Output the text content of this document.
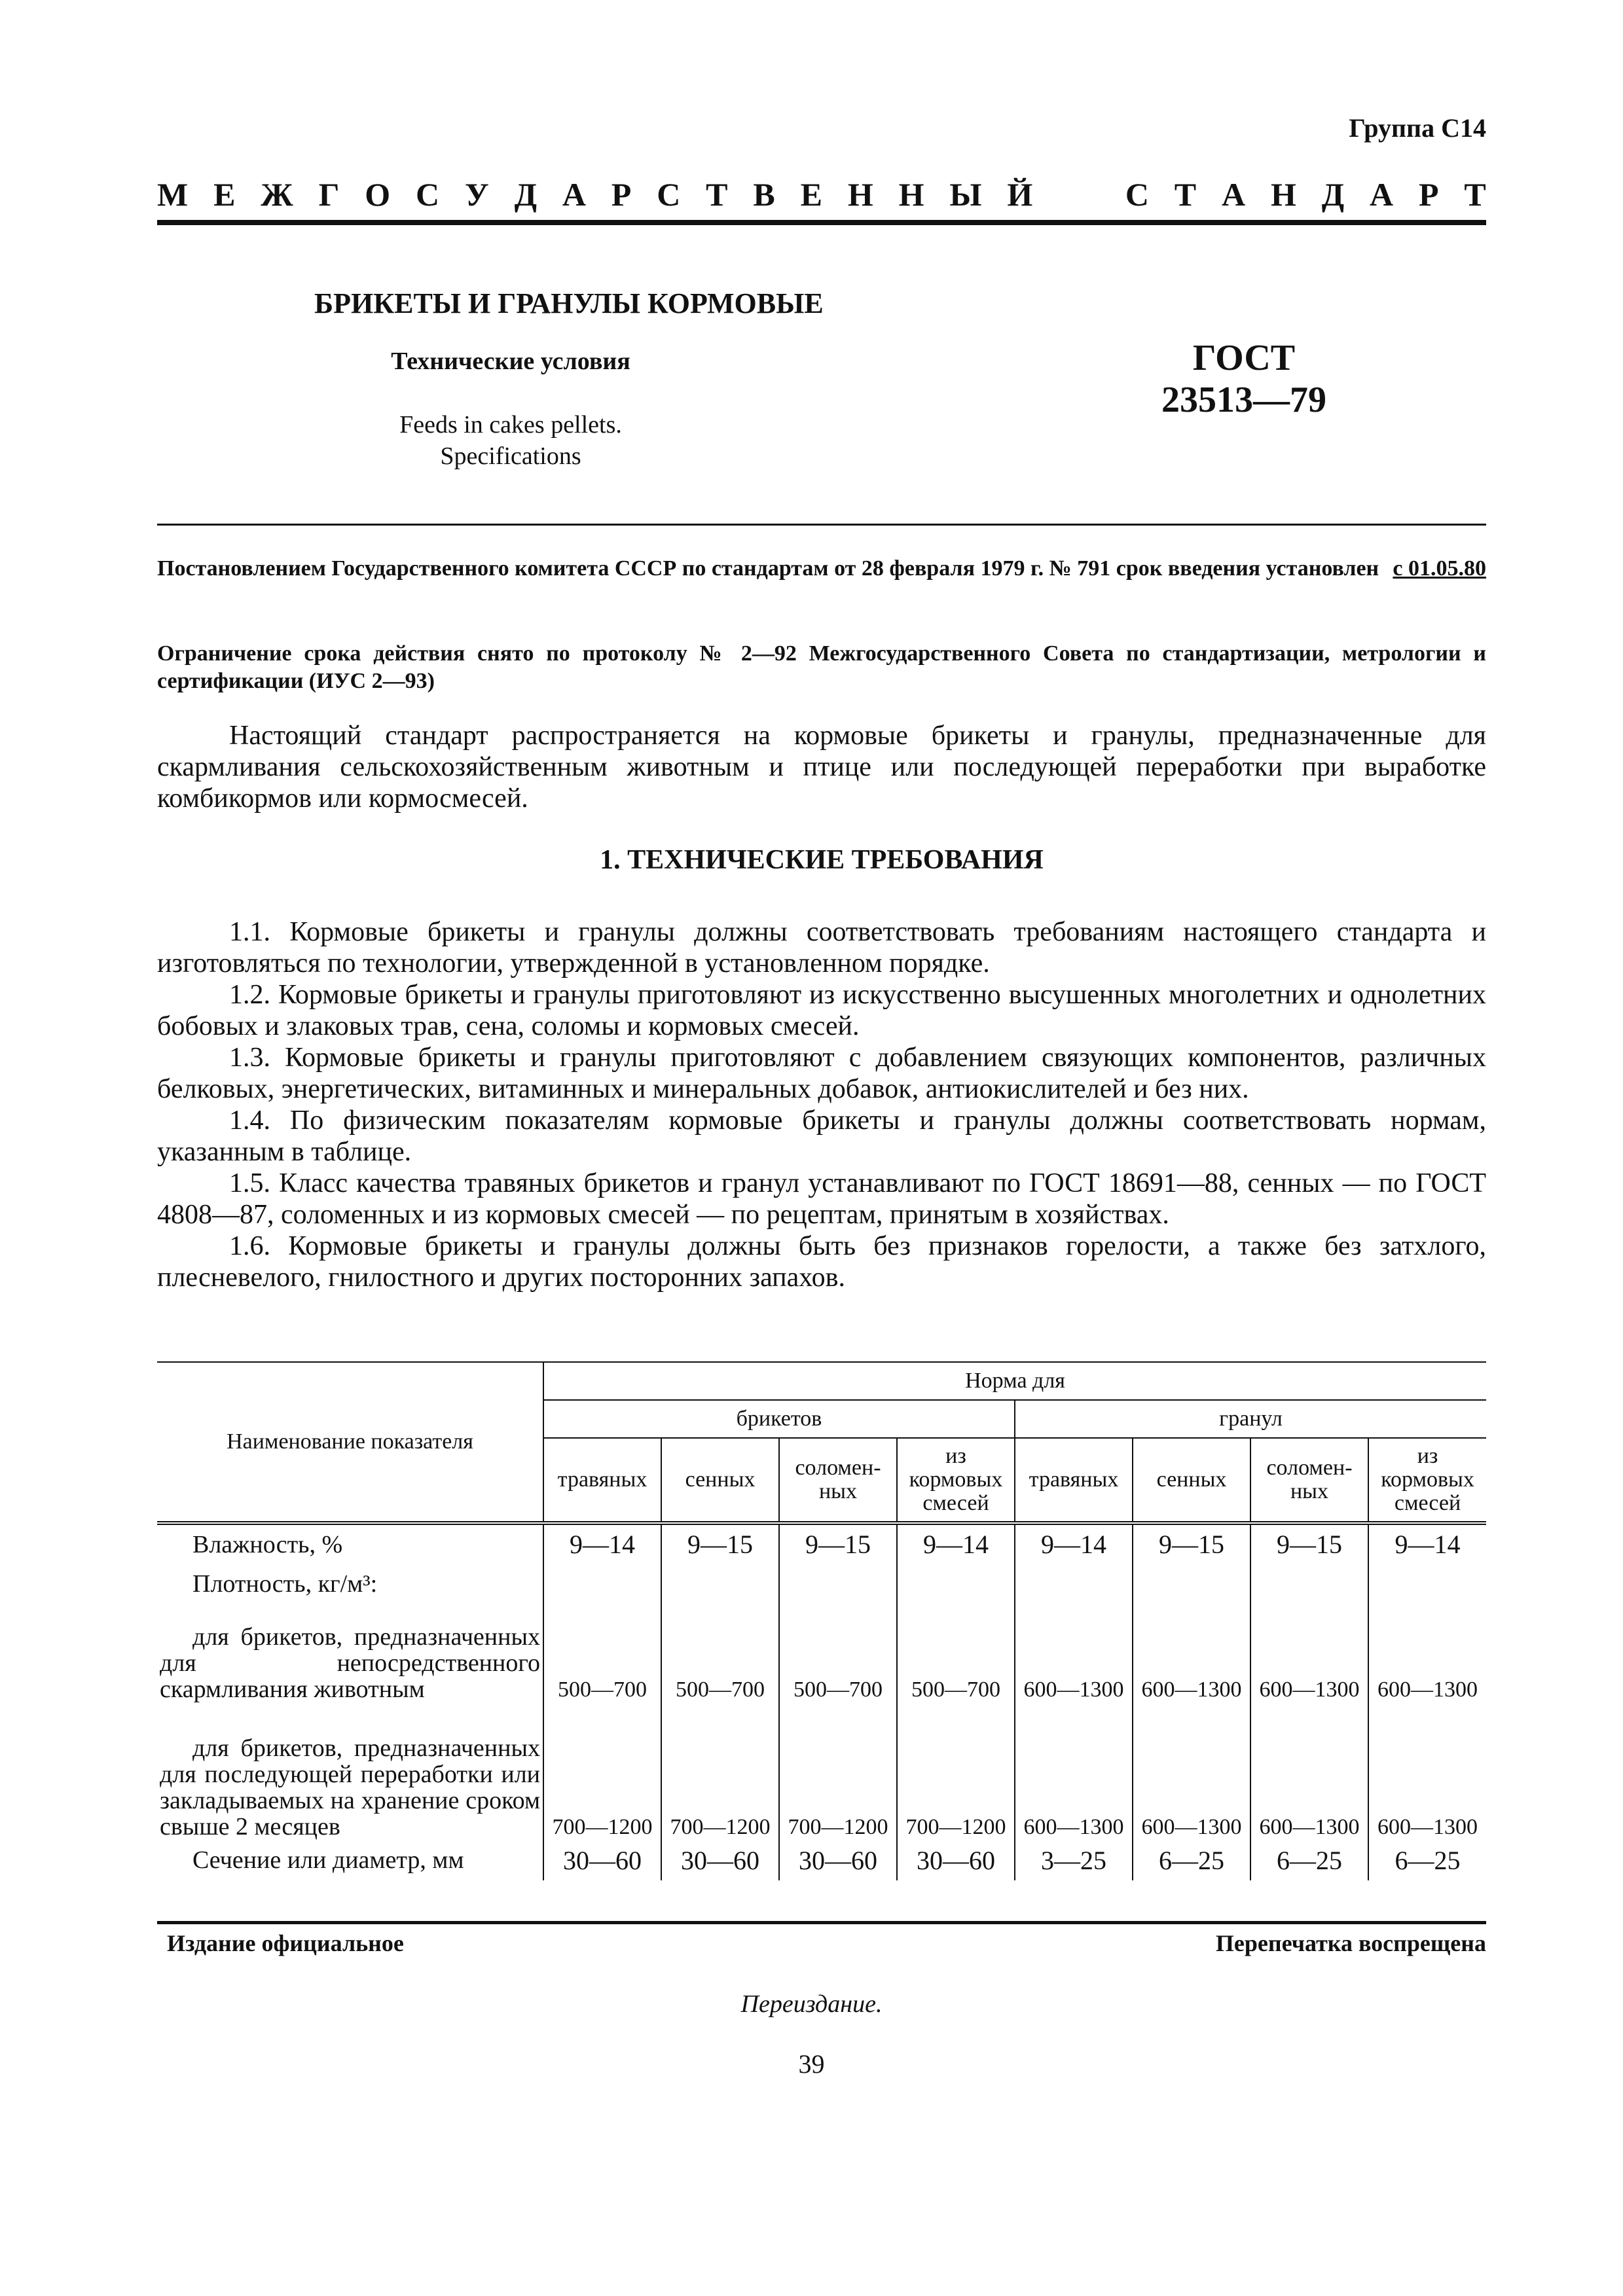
Группа С14
М Е Ж Г О С У Д А Р С Т В Е Н Н Ы Й

	С Т А Н Д А Р Т
БРИКЕТЫ И ГРАНУЛЫ КОРМОВЫЕ
Технические условия
Feeds in cakes pellets.
Specifications
ГОСТ
23513—79
Постановлением Государственного комитета СССР по стандартам от 28 февраля 1979 г. № 791 срок введения установлен с 01.05.80
Ограничение срока действия снято по протоколу № 2—92 Межгосударственного Совета по стандартизации, метрологии и сертификации (ИУС 2—93)

Настоящий стандарт распространяется на кормовые брикеты и гранулы, предназначенные для скармливания сельскохозяйственным животным и птице или последующей переработки при выработке комбикормов или кормосмесей.

1. ТЕХНИЧЕСКИЕ ТРЕБОВАНИЯ

1.1. Кормовые брикеты и гранулы должны соответствовать требованиям настоящего стандарта и изготовляться по технологии, утвержденной в установленном порядке.

1.2. Кормовые брикеты и гранулы приготовляют из искусственно высушенных многолетних и однолетних бобовых и злаковых трав, сена, соломы и кормовых смесей.

1.3. Кормовые брикеты и гранулы приготовляют с добавлением связующих компонентов, различных белковых, энергетических, витаминных и минеральных добавок, антиокислителей и без них.

1.4. По физическим показателям кормовые брикеты и гранулы должны соответствовать нормам, указанным в таблице.

1.5. Класс качества травяных брикетов и гранул устанавливают по ГОСТ 18691—88, сенных — по ГОСТ 4808—87, соломенных и из кормовых смесей — по рецептам, принятым в хозяйствах.

1.6. Кормовые брикеты и гранулы должны быть без признаков горелости, а также без затхлого, плесневелого, гнилостного и других посторонних запахов.

Наименование показателя	Норма для							
	брикетов				гранул			
	травяных	сенных	соломен-ных	из кормовых смесей	травяных	сенных	соломен-ных	из кормовых смесей
Влажность, %	9—14	9—15	9—15	9—14	9—14	9—15	9—15	9—14
Плотность, кг/м³:								
для брикетов, предназначенных для непосредственного скармливания животным	500—700	500—700	500—700	500—700	600—1300	600—1300	600—1300	600—1300
для брикетов, предназначенных для последующей переработки или закладываемых на хранение сроком свыше 2 месяцев	700—1200	700—1200	700—1200	700—1200	600—1300	600—1300	600—1300	600—1300
Сечение или диаметр, мм	30—60	30—60	30—60	30—60	3—25	6—25	6—25	6—25
Издание официальное	Перепечатка воспрещена
Переиздание.
39
